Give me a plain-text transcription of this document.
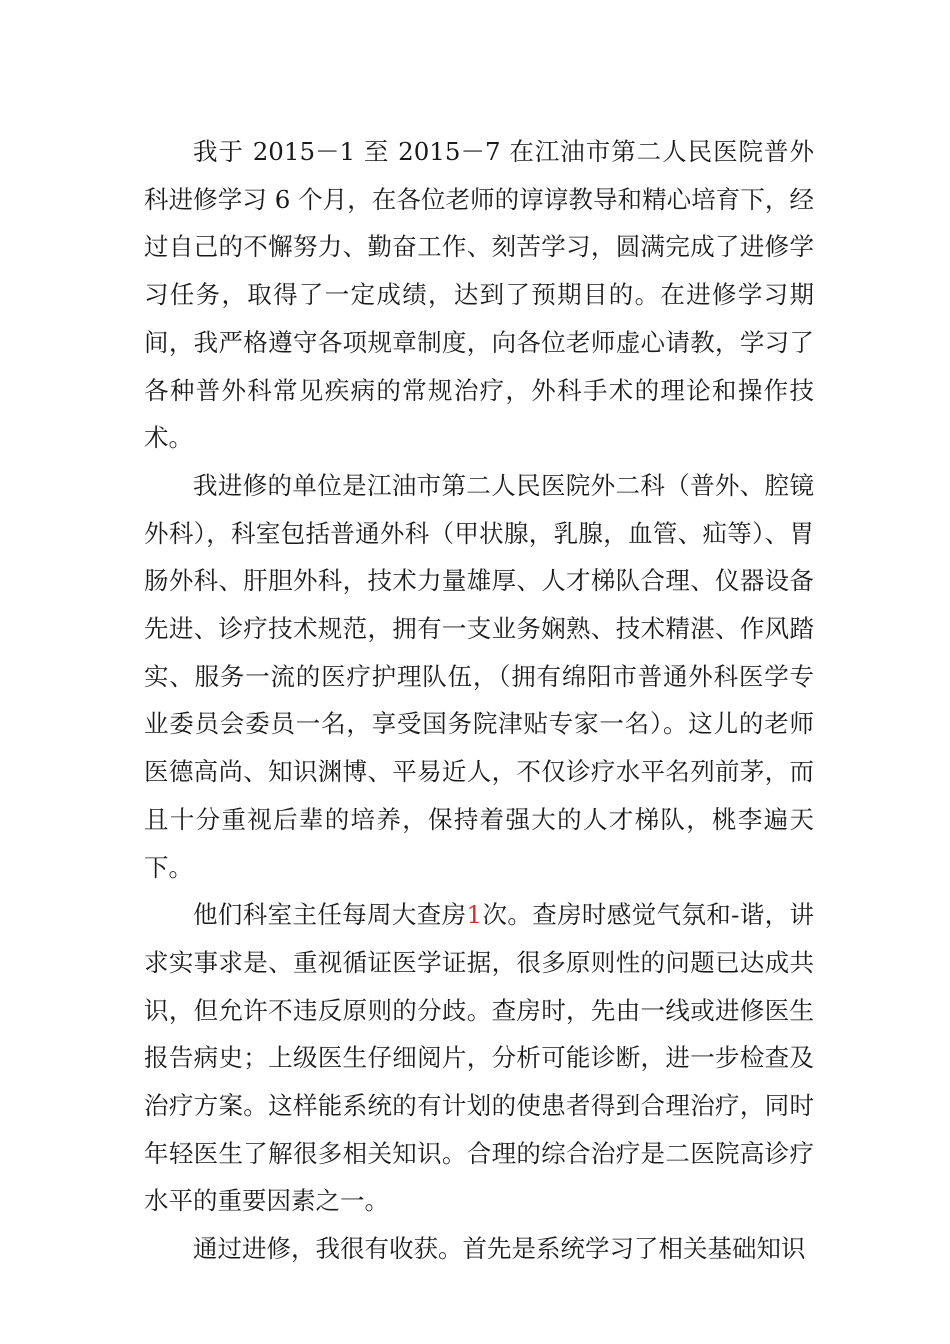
我于 2015－1 至 2015－7 在江油市第二人民医院普外科进修学习 6 个月，在各位老师的谆谆教导和精心培育下，经过自己的不懈努力、勤奋工作、刻苦学习，圆满完成了进修学习任务，取得了一定成绩，达到了预期目的。在进修学习期间，我严格遵守各项规章制度，向各位老师虚心请教，学习了各种普外科常见疾病的常规治疗，外科手术的理论和操作技术。

我进修的单位是江油市第二人民医院外二科（普外、腔镜外科），科室包括普通外科（甲状腺，乳腺，血管、疝等）、胃肠外科、肝胆外科，技术力量雄厚、人才梯队合理、仪器设备先进、诊疗技术规范，拥有一支业务娴熟、技术精湛、作风踏实、服务一流的医疗护理队伍，（拥有绵阳市普通外科医学专业委员会委员一名，享受国务院津贴专家一名）。这儿的老师医德高尚、知识渊博、平易近人，不仅诊疗水平名列前茅，而且十分重视后辈的培养，保持着强大的人才梯队，桃李遍天下。

他们科室主任每周大查房1次。查房时感觉气氛和-谐，讲求实事求是、重视循证医学证据，很多原则性的问题已达成共识，但允许不违反原则的分歧。查房时，先由一线或进修医生报告病史；上级医生仔细阅片，分析可能诊断，进一步检查及治疗方案。这样能系统的有计划的使患者得到合理治疗，同时年轻医生了解很多相关知识。合理的综合治疗是二医院高诊疗水平的重要因素之一。

通过进修，我很有收获。首先是系统学习了相关基础知识
